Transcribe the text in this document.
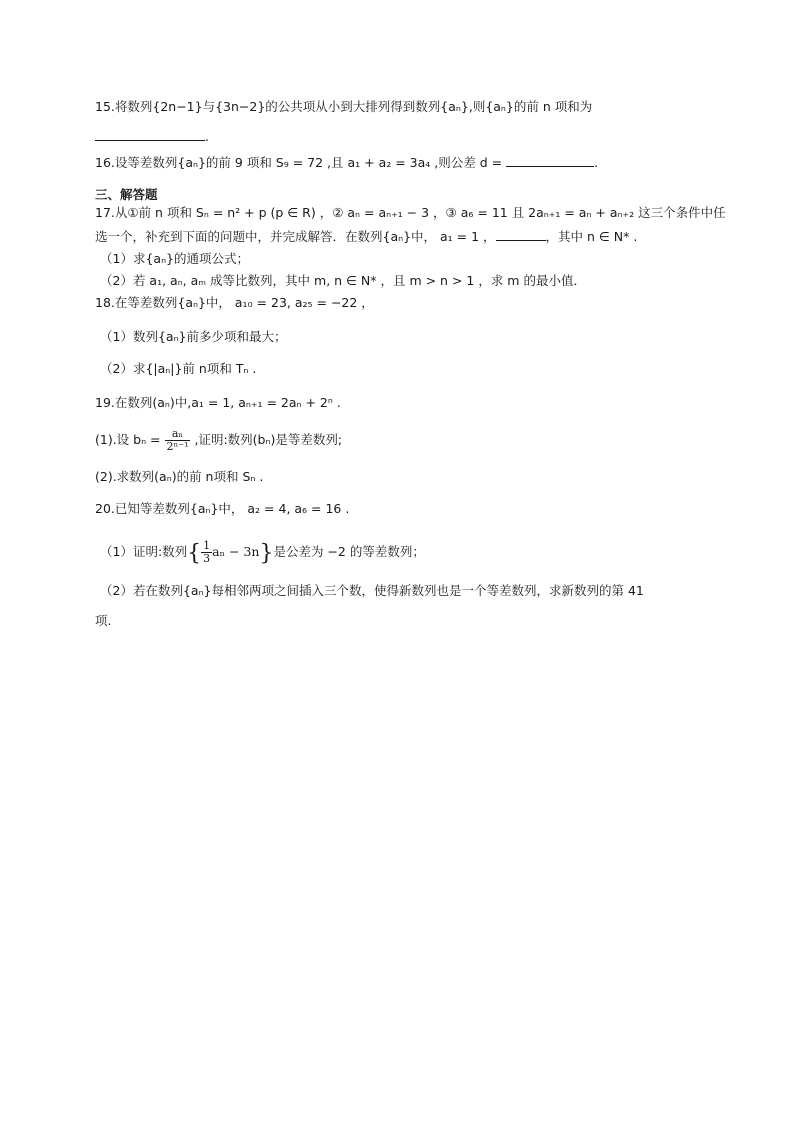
15.将数列{2n−1}与{3n−2}的公共项从小到大排列得到数列{aₙ},则{aₙ}的前 n 项和为
.
16.设等差数列{aₙ}的前 9 项和 S₉ = 72 ,且 a₁ + a₂ = 3a₄ ,则公差 d =	.
三、解答题
17.从①前 n 项和 Sₙ = n² + p (p ∈ R) ，② aₙ = aₙ₊₁ − 3 ，③ a₆ = 11 且 2aₙ₊₁ = aₙ + aₙ₊₂ 这三个条件中任
选一个，补充到下面的问题中，并完成解答．在数列{aₙ}中， a₁ = 1 ，	，其中 n ∈ N* .
（1）求{aₙ}的通项公式；
（2）若 a₁, aₙ, aₘ 成等比数列，其中 m, n ∈ N* ，且 m > n > 1 ，求 m 的最小值．
18.在等差数列{aₙ}中， a₁₀ = 23, a₂₅ = −22 ，
（1）数列{aₙ}前多少项和最大；
（2）求{|aₙ|}前 n项和 Tₙ .
19.在数列(aₙ)中,a₁ = 1, aₙ₊₁ = 2aₙ + 2ⁿ .
(1).设 $b_n = \frac{\text{aₙ}}{\text{2ⁿ⁻¹}}$ ,证明:数列(bₙ)是等差数列;
(2).求数列(aₙ)的前 n项和 Sₙ .
20.已知等差数列{aₙ}中， a₂ = 4, a₆ = 16 .
（1）证明:数列{ $\frac{1}{3}$ aₙ − 3n}是公差为 −2 的等差数列；
（2）若在数列{aₙ}每相邻两项之间插入三个数，使得新数列也是一个等差数列，求新数列的第 41
项.
